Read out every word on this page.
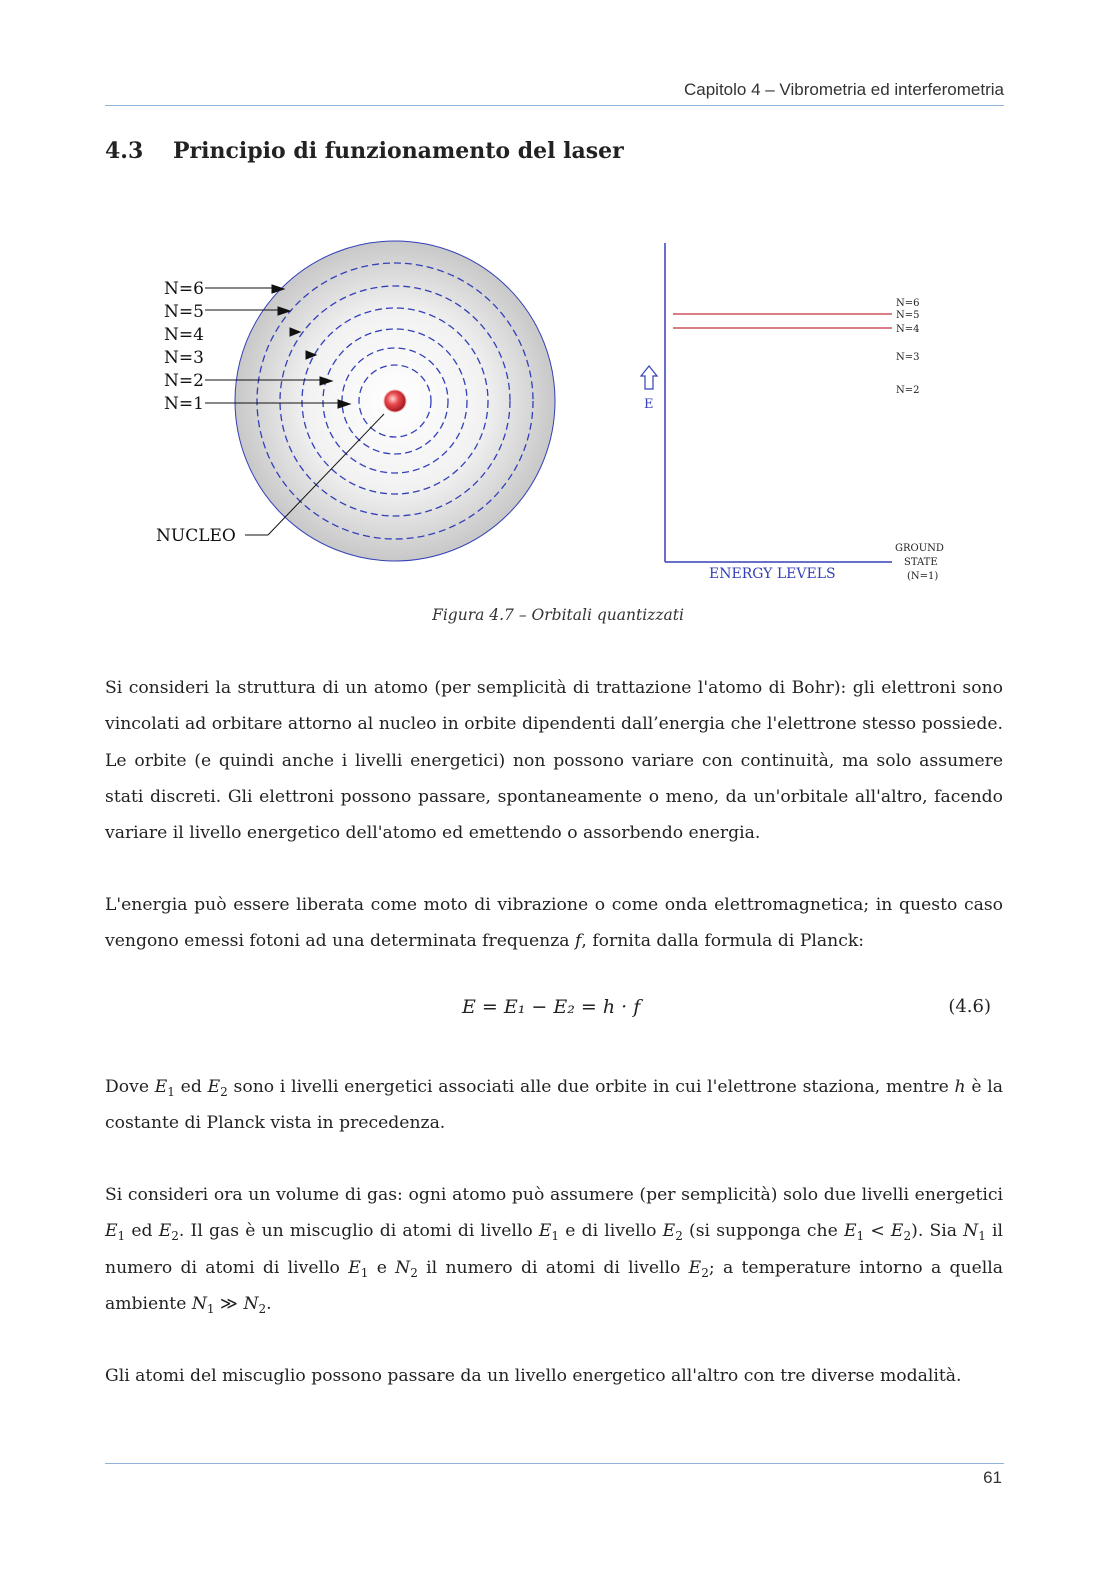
Capitolo 4 – Vibrometria ed interferometria
4.3 Principio di funzionamento del laser
N=6
N=5
N=4
N=3
N=2
N=1
NUCLEO
E
ENERGY LEVELS
N=6
N=5
N=4
N=3
N=2
GROUND
STATE
(N=1)
Figura 4.7 – Orbitali quantizzati

Si consideri la struttura di un atomo (per semplicità di trattazione l'atomo di Bohr): gli elettroni sono vincolati ad orbitare attorno al nucleo in orbite dipendenti dall’energia che l'elettrone stesso possiede. Le orbite (e quindi anche i livelli energetici) non possono variare con continuità, ma solo assumere stati discreti. Gli elettroni possono passare, spontaneamente o meno, da un'orbitale all'altro, facendo variare il livello energetico dell'atomo ed emettendo o assorbendo energia.

L'energia può essere liberata come moto di vibrazione o come onda elettromagnetica; in questo caso vengono emessi fotoni ad una determinata frequenza f, fornita dalla formula di Planck:

E = E₁ − E₂ = h · f	(4.6)

Dove $E_1$ ed $E_2$ sono i livelli energetici associati alle due orbite in cui l'elettrone staziona, mentre h è la costante di Planck vista in precedenza.

Si consideri ora un volume di gas: ogni atomo può assumere (per semplicità) solo due livelli energetici $E_1$ ed $E_2$. Il gas è un miscuglio di atomi di livello $E_1$ e di livello $E_2$ (si supponga che $E_1 < E_2$). Sia $N_1$ il numero di atomi di livello $E_1$ e $N_2$ il numero di atomi di livello $E_2$; a temperature intorno a quella ambiente $N_1$ ≫ $N_2$.

Gli atomi del miscuglio possono passare da un livello energetico all'altro con tre diverse modalità.

61
